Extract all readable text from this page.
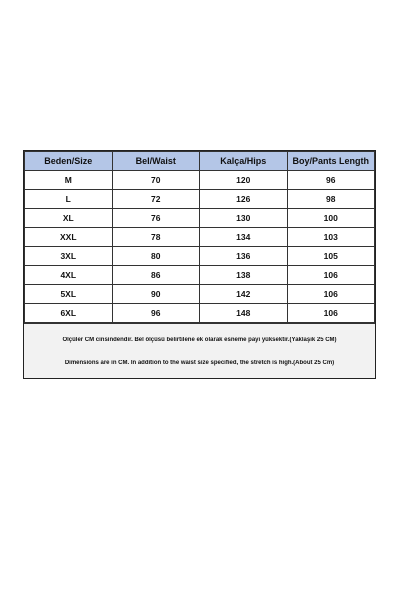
Beden/Size	Bel/Waist	Kalça/Hips	Boy/Pants Length
M	70	120	96
L	72	126	98
XL	76	130	100
XXL	78	134	103
3XL	80	136	105
4XL	86	138	106
5XL	90	142	106
6XL	96	148	106
Ölçüler CM cinsindendir. Bel ölçüsü belirtilene ek olarak esneme payı yüksektir.(Yaklaşık 25 CM)
Dimensions are in CM. In addition to the waist size specified, the stretch is high.(About 25 Cm)
